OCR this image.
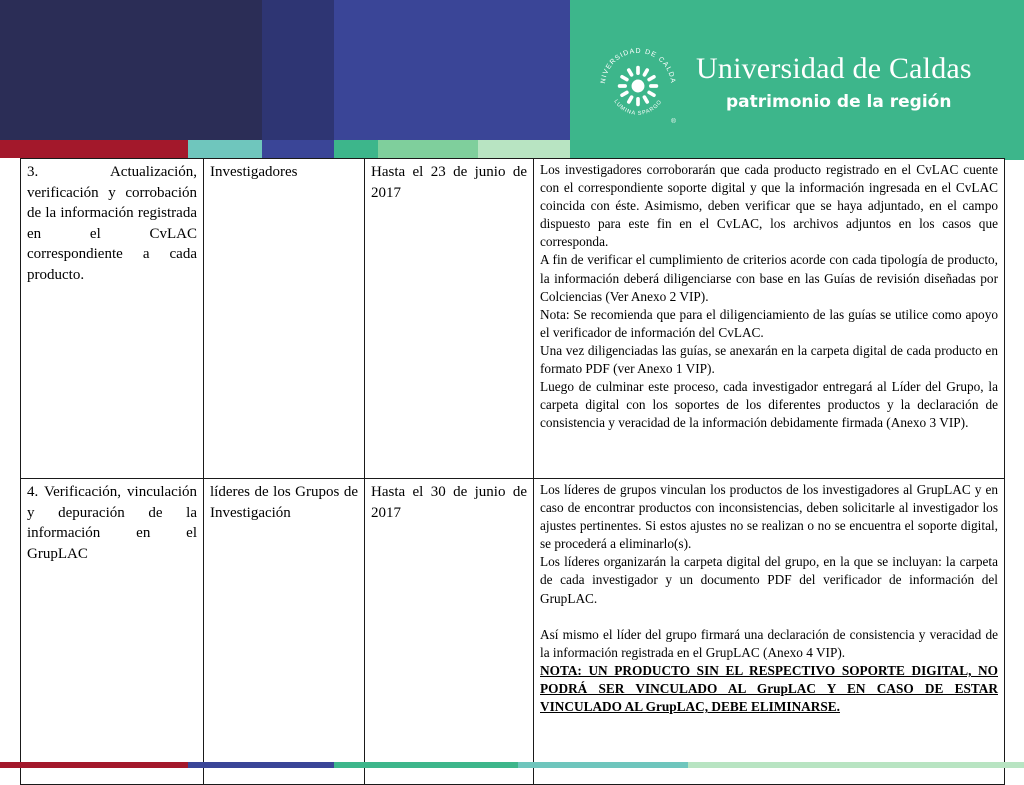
NIVERSIDAD DE CALDA
LUMINA SPARGO
®
Universidad de Caldas
patrimonio de la región
3. Actualización, verificación y corrobación de la información registrada en el CvLAC correspondiente a cada producto.	Investigadores	Hasta el 23 de junio de 2017	Los investigadores corroborarán que cada producto registrado en el CvLAC cuente con el correspondiente soporte digital y que la información ingresada en el CvLAC coincida con éste. Asimismo, deben verificar que se haya adjuntado, en el campo dispuesto para este fin en el CvLAC, los archivos adjuntos en los casos que corresponda.

A fin de verificar el cumplimiento de criterios acorde con cada tipología de producto, la información deberá diligenciarse con base en las Guías de revisión diseñadas por Colciencias (Ver Anexo 2 VIP).

Nota: Se recomienda que para el diligenciamiento de las guías se utilice como apoyo el verificador de información del CvLAC.

Una vez diligenciadas las guías, se anexarán en la carpeta digital de cada producto en formato PDF (ver Anexo 1 VIP).

Luego de culminar este proceso, cada investigador entregará al Líder del Grupo, la carpeta digital con los soportes de los diferentes productos y la declaración de consistencia y veracidad de la información debidamente firmada (Anexo 3 VIP).

4. Verificación, vinculación y depuración de la información en el GrupLAC	líderes de los Grupos de Investigación	Hasta el 30 de junio de 2017	Los líderes de grupos vinculan los productos de los investigadores al GrupLAC y en caso de encontrar productos con inconsistencias, deben solicitarle al investigador los ajustes pertinentes. Si estos ajustes no se realizan o no se encuentra el soporte digital, se procederá a eliminarlo(s).

Los líderes organizarán la carpeta digital del grupo, en la que se incluyan: la carpeta de cada investigador y un documento PDF del verificador de información del GrupLAC.

Así mismo el líder del grupo firmará una declaración de consistencia y veracidad de la información registrada en el GrupLAC (Anexo 4 VIP).

NOTA: UN PRODUCTO SIN EL RESPECTIVO SOPORTE DIGITAL, NO PODRÁ SER VINCULADO AL GrupLAC Y EN CASO DE ESTAR VINCULADO AL GrupLAC, DEBE ELIMINARSE.
